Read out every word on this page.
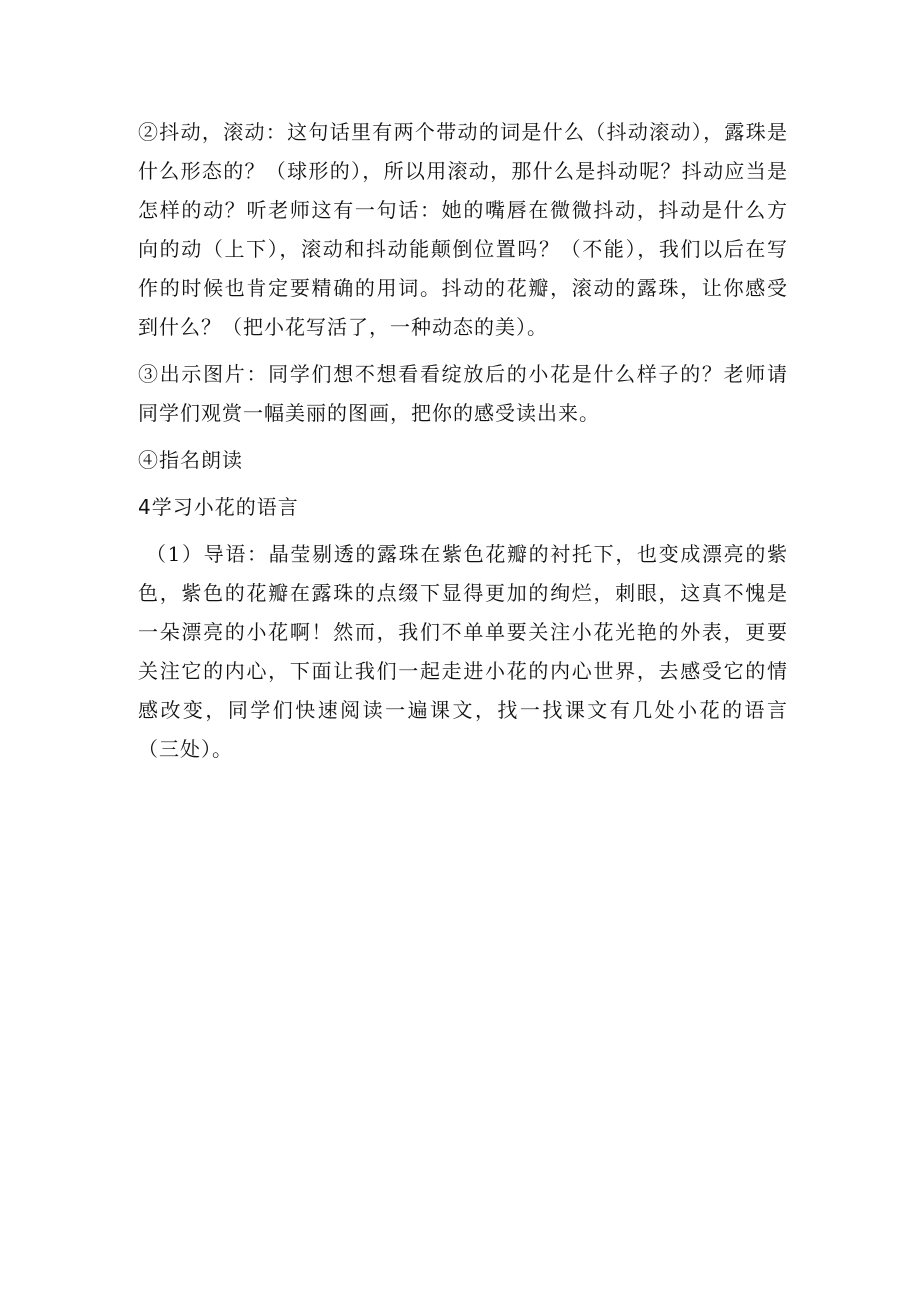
②抖动，滚动：这句话里有两个带动的词是什么（抖动滚动），露珠是什么形态的？（球形的），所以用滚动，那什么是抖动呢？抖动应当是怎样的动？听老师这有一句话：她的嘴唇在微微抖动，抖动是什么方向的动（上下），滚动和抖动能颠倒位置吗？（不能），我们以后在写作的时候也肯定要精确的用词。抖动的花瓣，滚动的露珠，让你感受到什么？（把小花写活了，一种动态的美）。

③出示图片：同学们想不想看看绽放后的小花是什么样子的？老师请同学们观赏一幅美丽的图画，把你的感受读出来。

④指名朗读

4学习小花的语言

（1）导语：晶莹剔透的露珠在紫色花瓣的衬托下，也变成漂亮的紫色，紫色的花瓣在露珠的点缀下显得更加的绚烂，刺眼，这真不愧是一朵漂亮的小花啊！然而，我们不单单要关注小花光艳的外表，更要关注它的内心，下面让我们一起走进小花的内心世界，去感受它的情感改变，同学们快速阅读一遍课文，找一找课文有几处小花的语言（三处）。
